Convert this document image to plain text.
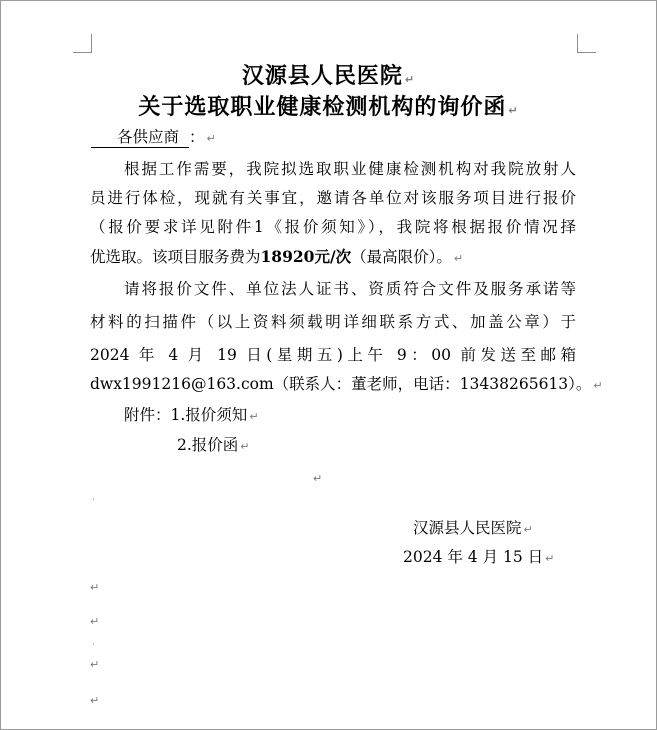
汉源县人民医院 ↵
关于选取职业健康检测机构的询价函 ↵
各供应商 ： ↵
根据工作需要，我院拟选取职业健康检测机构对我院放射人
员进行体检，现就有关事宜，邀请各单位对该服务项目进行报价
（报价要求详见附件1《报价须知》），我院将根据报价情况择
优选取。该项目服务费为18920元/次（最高限价）。 ↵
请将报价文件、单位法人证书、资质符合文件及服务承诺等
材料的扫描件（以上资料须载明详细联系方式、加盖公章）于
2024 年 4 月 19 日(星期五)上午 9：00 前发送至邮箱
dwx1991216@163.com（联系人：董老师，电话：13438265613）。 ↵
附件：1.报价须知 ↵
2.报价函 ↵
↵
·
汉源县人民医院 ↵
2024 年 4 月 15 日 ↵
↵
↵
·
↵
↵
